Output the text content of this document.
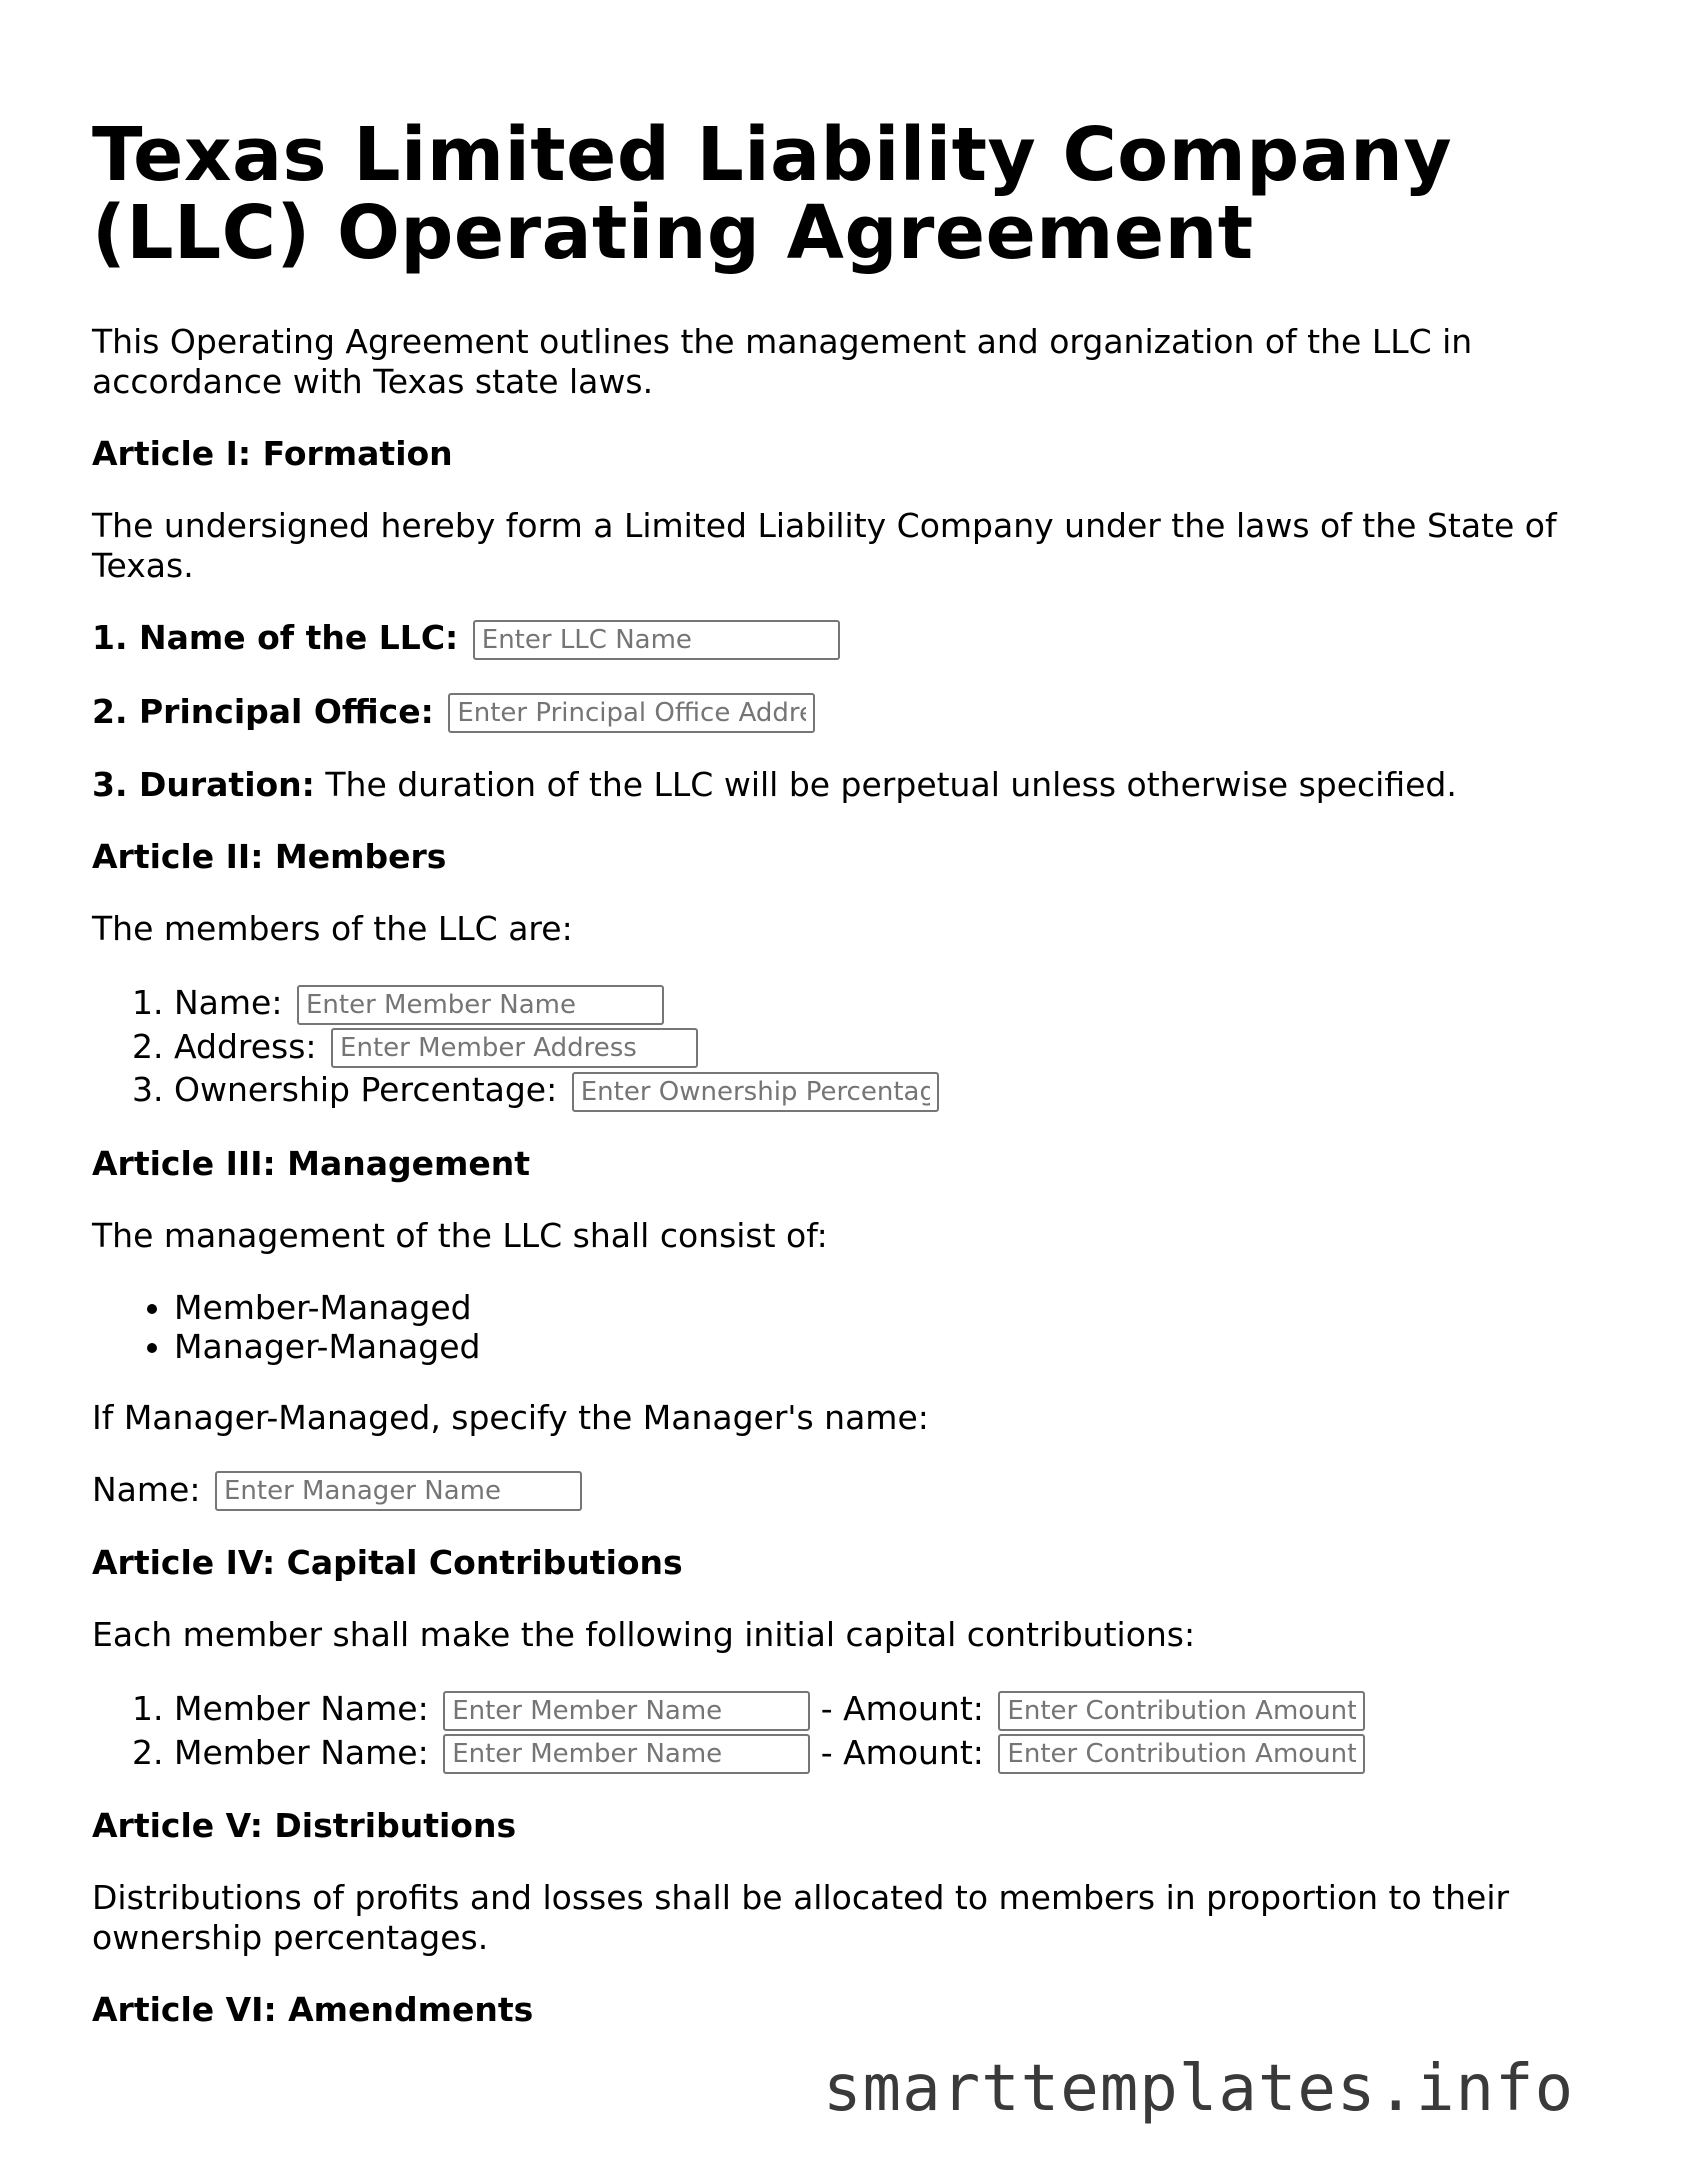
Texas Limited Liability Company (LLC) Operating Agreement

This Operating Agreement outlines the management and organization of the LLC in accordance with Texas state laws.

Article I: Formation

The undersigned hereby form a Limited Liability Company under the laws of the State of Texas.

1. Name of the LLC: Enter LLC Name

2. Principal Office: Enter Principal Office Address

3. Duration: The duration of the LLC will be perpetual unless otherwise specified.

Article II: Members

The members of the LLC are:

1. Name: Enter Member Name
2. Address: Enter Member Address
3. Ownership Percentage: Enter Ownership Percentage

Article III: Management

The management of the LLC shall consist of:

• Member-Managed
• Manager-Managed

If Manager-Managed, specify the Manager's name:

Name: Enter Manager Name

Article IV: Capital Contributions

Each member shall make the following initial capital contributions:

1. Member Name: Enter Member Name	- Amount: Enter Contribution Amount
2. Member Name: Enter Member Name	- Amount: Enter Contribution Amount

Article V: Distributions

Distributions of profits and losses shall be allocated to members in proportion to their ownership percentages.

Article VI: Amendments

smarttemplates.info
